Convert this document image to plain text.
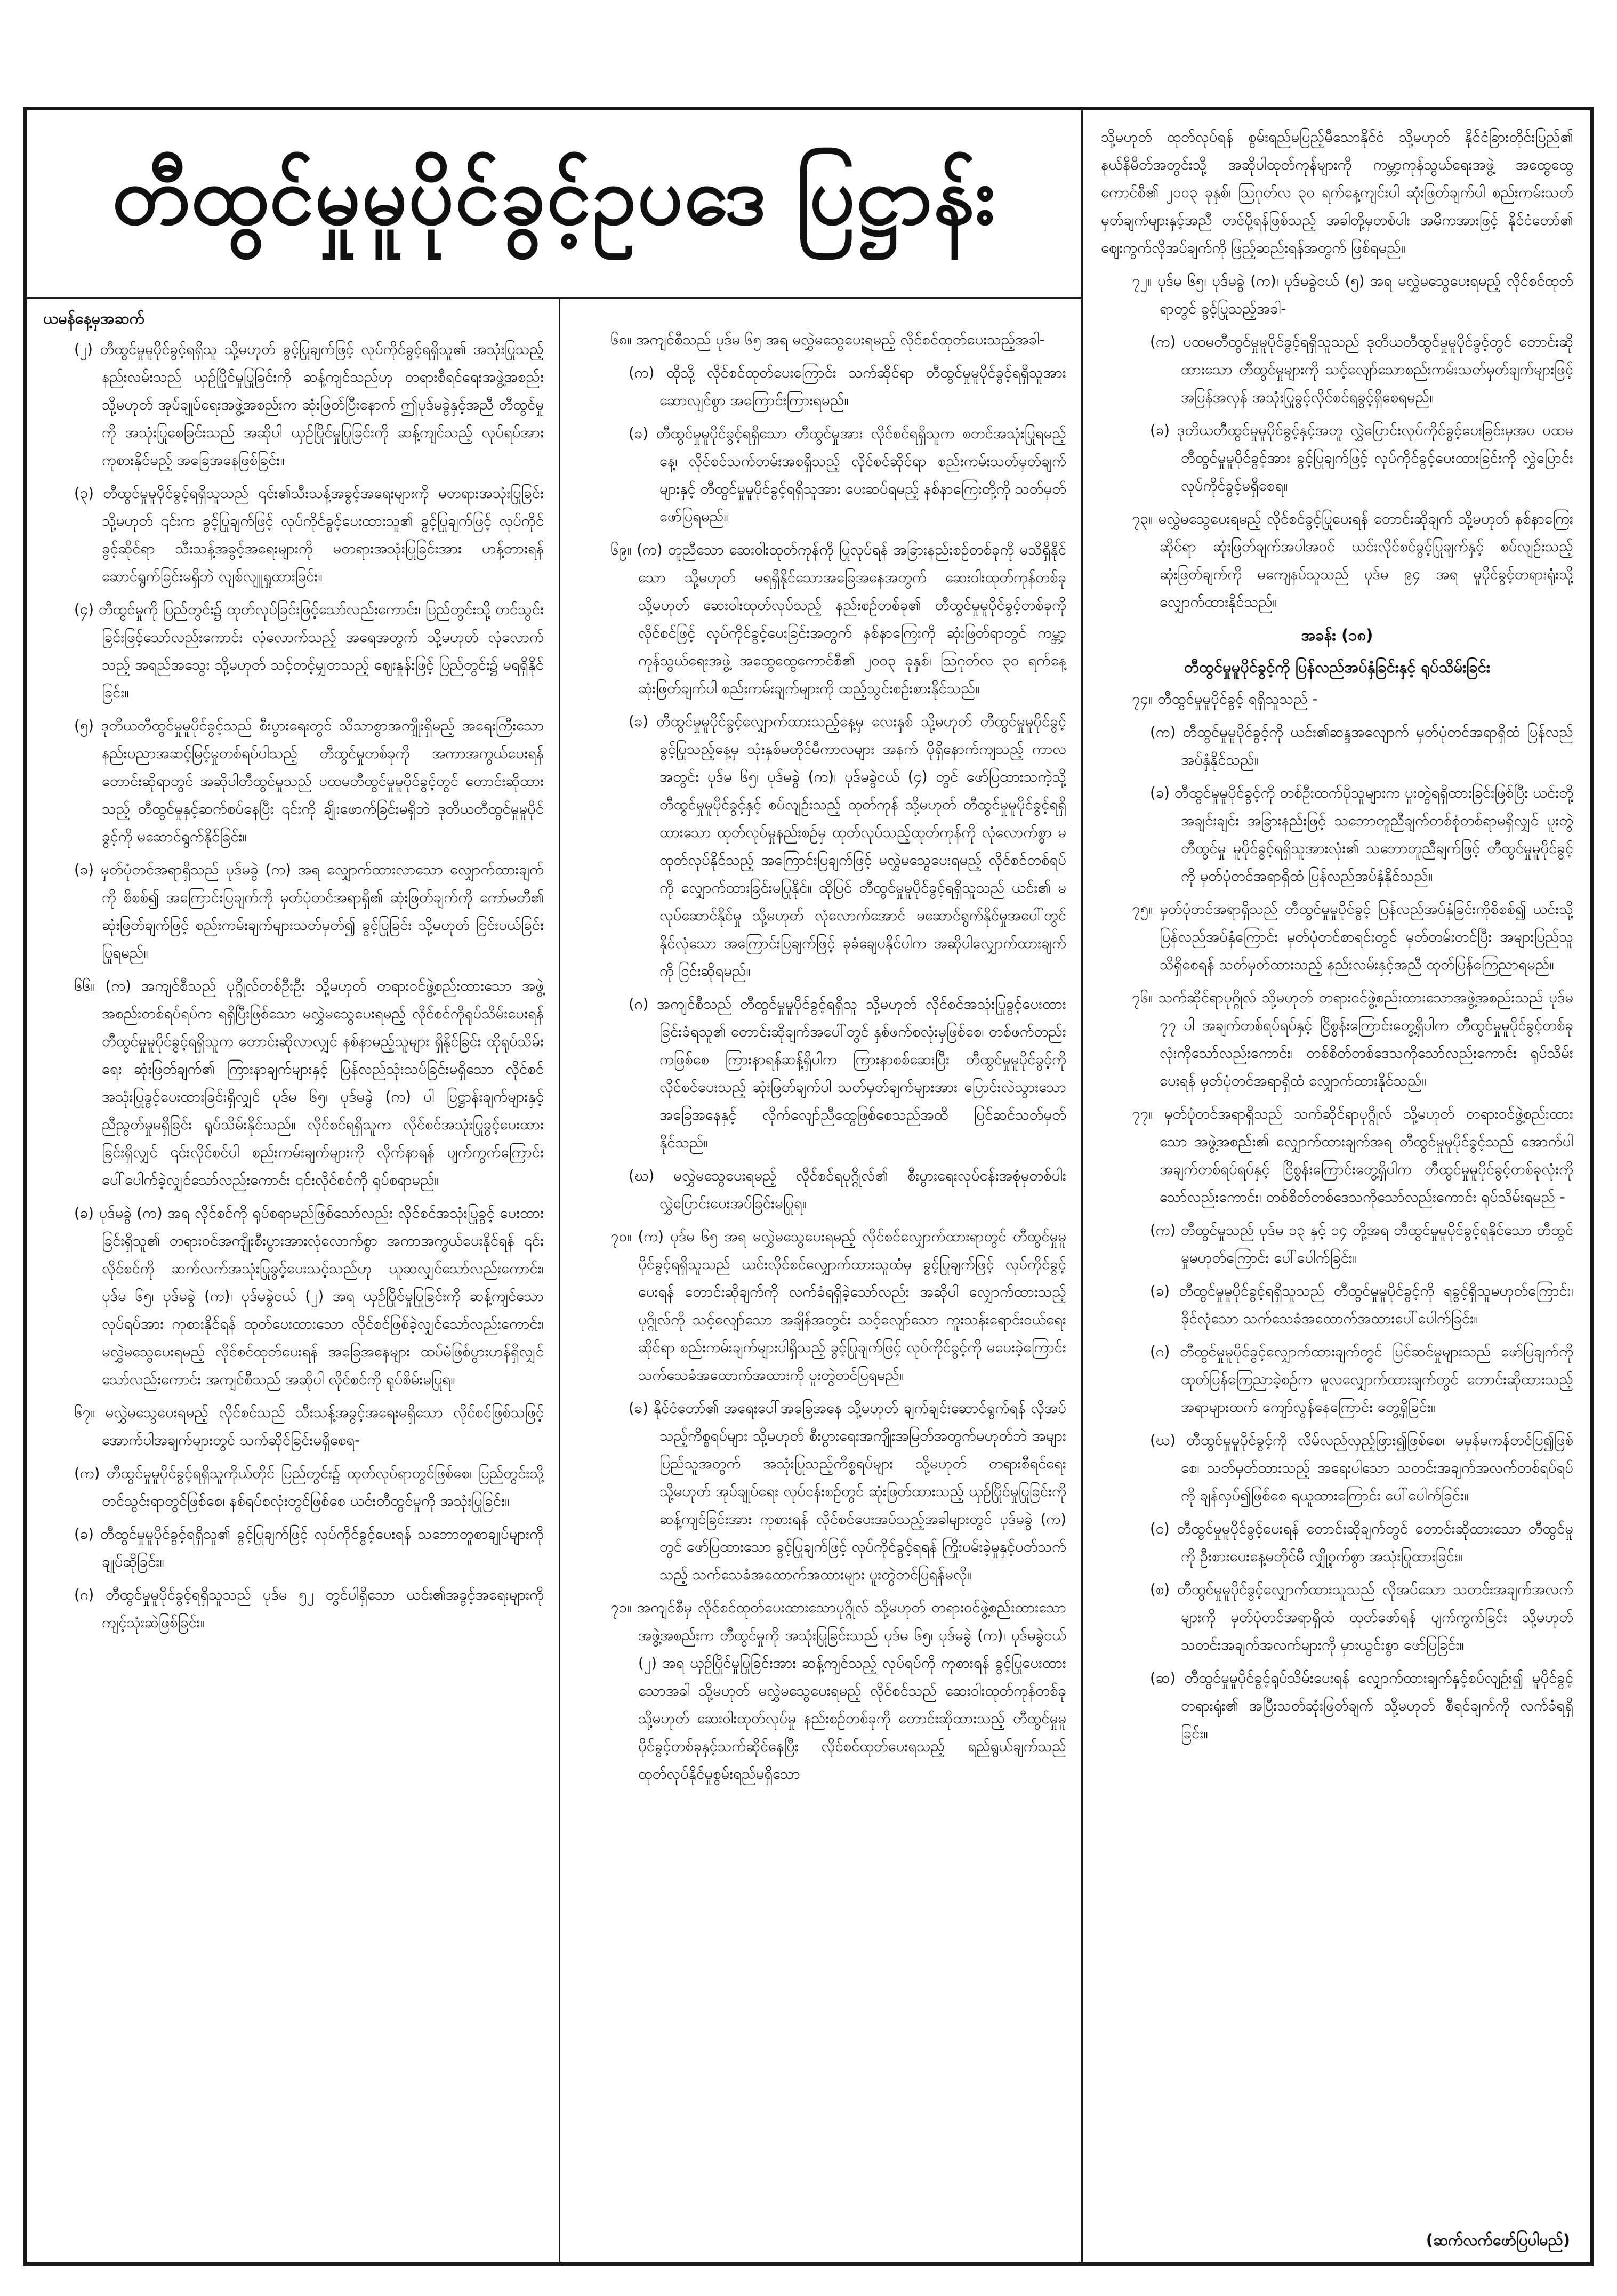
တီထွင်မှုမူပိုင်ခွင့်ဥပဒေ ပြဋ္ဌာန်း
ယမန်နေ့မှအဆက်
(၂) တီထွင်မှုမူပိုင်ခွင့်ရရှိသူ သို့မဟုတ် ခွင့်ပြုချက်ဖြင့် လုပ်ကိုင်ခွင့်ရရှိသူ၏ အသုံးပြုသည့် နည်းလမ်းသည် ယှဉ်ပြိုင်မှုပြုခြင်းကို ဆန့်ကျင်သည်ဟု တရားစီရင်ရေးအဖွဲ့အစည်း သို့မဟုတ် အုပ်ချုပ်ရေးအဖွဲ့အစည်းက ဆုံးဖြတ်ပြီးနောက် ဤပုဒ်မခွဲနှင့်အညီ တီထွင်မှုကို အသုံးပြုစေခြင်းသည် အဆိုပါ ယှဉ်ပြိုင်မှုပြုခြင်းကို ဆန့်ကျင်သည့် လုပ်ရပ်အား ကုစားနိုင်မည့် အခြေအနေဖြစ်ခြင်း။
(၃) တီထွင်မှုမူပိုင်ခွင့်ရရှိသူသည် ၎င်း၏သီးသန့်အခွင့်အရေးများကို မတရားအသုံးပြုခြင်း သို့မဟုတ် ၎င်းက ခွင့်ပြုချက်ဖြင့် လုပ်ကိုင်ခွင့်ပေးထားသူ၏ ခွင့်ပြုချက်ဖြင့် လုပ်ကိုင်ခွင့်ဆိုင်ရာ သီးသန့်အခွင့်အရေးများကို မတရားအသုံးပြုခြင်းအား ဟန့်တားရန် ဆောင်ရွက်ခြင်းမရှိဘဲ လျစ်လျူရှုထားခြင်း။
(၄) တီထွင်မှုကို ပြည်တွင်း၌ ထုတ်လုပ်ခြင်းဖြင့်သော်လည်းကောင်း၊ ပြည်တွင်းသို့ တင်သွင်းခြင်းဖြင့်သော်လည်းကောင်း လုံလောက်သည့် အရေအတွက် သို့မဟုတ် လုံလောက်သည့် အရည်အသွေး သို့မဟုတ် သင့်တင့်မျှတသည့် ဈေးနှုန်းဖြင့် ပြည်တွင်း၌ မရရှိနိုင်ခြင်း။
(၅) ဒုတိယတီထွင်မှုမူပိုင်ခွင့်သည် စီးပွားရေးတွင် သိသာစွာအကျိုးရှိမည့် အရေးကြီးသော နည်းပညာအဆင့်မြင့်မှုတစ်ရပ်ပါသည့် တီထွင်မှုတစ်ခုကို အကာအကွယ်ပေးရန် တောင်းဆိုရာတွင် အဆိုပါတီထွင်မှုသည် ပထမတီထွင်မှုမူပိုင်ခွင့်တွင် တောင်းဆိုထားသည့် တီထွင်မှုနှင့်ဆက်စပ်နေပြီး ၎င်းကို ချိုးဖောက်ခြင်းမရှိဘဲ ဒုတိယတီထွင်မှုမူပိုင်ခွင့်ကို မဆောင်ရွက်နိုင်ခြင်း။
(ခ) မှတ်ပုံတင်အရာရှိသည် ပုဒ်မခွဲ (က) အရ လျှောက်ထားလာသော လျှောက်ထားချက်ကို စိစစ်၍ အကြောင်းပြချက်ကို မှတ်ပုံတင်အရာရှိ၏ ဆုံးဖြတ်ချက်ကို ကော်မတီ၏ ဆုံးဖြတ်ချက်ဖြင့် စည်းကမ်းချက်များသတ်မှတ်၍ ခွင့်ပြုခြင်း သို့မဟုတ် ငြင်းပယ်ခြင်းပြုရမည်။
၆၆။ (က) အကျင်စီသည် ပုဂ္ဂိုလ်တစ်ဦးဦး သို့မဟုတ် တရားဝင်ဖွဲ့စည်းထားသော အဖွဲ့အစည်းတစ်ရပ်ရပ်က ရရှိပြီးဖြစ်သော မလွှဲမသွေပေးရမည့် လိုင်စင်ကိုရုပ်သိမ်းပေးရန် တီထွင်မှုမူပိုင်ခွင့်ရရှိသူက တောင်းဆိုလာလျှင် နစ်နာမည့်သူများ ရှိနိုင်ခြင်း ထိုရုပ်သိမ်းရေး ဆုံးဖြတ်ချက်၏ ကြားနာချက်များနှင့် ပြန်လည်သုံးသပ်ခြင်းမရှိသော လိုင်စင်အသုံးပြုခွင့်ပေးထားခြင်းရှိလျှင် ပုဒ်မ ၆၅၊ ပုဒ်မခွဲ (က) ပါ ပြဋ္ဌာန်းချက်များနှင့် ညီညွတ်မှုမရှိခြင်း ရုပ်သိမ်းနိုင်သည်။ လိုင်စင်ရရှိသူက လိုင်စင်အသုံးပြုခွင့်ပေးထားခြင်းရှိလျှင် ၎င်းလိုင်စင်ပါ စည်းကမ်းချက်များကို လိုက်နာရန် ပျက်ကွက်ကြောင်း ပေါ်ပေါက်ခဲ့လျှင်သော်လည်းကောင်း ၎င်းလိုင်စင်ကို ရုပ်စရာမည်။
(ခ) ပုဒ်မခွဲ (က) အရ လိုင်စင်ကို ရုပ်စရာမည်ဖြစ်သော်လည်း လိုင်စင်အသုံးပြုခွင့် ပေးထားခြင်းရှိသူ၏ တရားဝင်အကျိုးစီးပွားအားလုံလောက်စွာ အကာအကွယ်ပေးနိုင်ရန် ၎င်းလိုင်စင်ကို ဆက်လက်အသုံးပြုခွင့်ပေးသင့်သည်ဟု ယူဆလျှင်သော်လည်းကောင်း၊ ပုဒ်မ ၆၅၊ ပုဒ်မခွဲ (က)၊ ပုဒ်မခွဲငယ် (၂) အရ ယှဉ်ပြိုင်မှုပြုခြင်းကို ဆန့်ကျင်သောလုပ်ရပ်အား ကုစားနိုင်ရန် ထုတ်ပေးထားသော လိုင်စင်ဖြစ်ခဲ့လျှင်သော်လည်းကောင်း၊ မလွှဲမသွေပေးရမည့် လိုင်စင်ထုတ်ပေးရန် အခြေအနေများ ထပ်မံဖြစ်ပွားဟန်ရှိလျှင်သော်လည်းကောင်း အကျင်စီသည် အဆိုပါ လိုင်စင်ကို ရုပ်စိမ်းမပြုရ။
၆၇။ မလွှဲမသွေပေးရမည့် လိုင်စင်သည် သီးသန့်အခွင့်အရေးမရှိသော လိုင်စင်ဖြစ်သဖြင့် အောက်ပါအချက်များတွင် သက်ဆိုင်ခြင်းမရှိစေရ-
(က) တီထွင်မှုမူပိုင်ခွင့်ရရှိသူကိုယ်တိုင် ပြည်တွင်း၌ ထုတ်လုပ်ရာတွင်ဖြစ်စေ၊ ပြည်တွင်းသို့ တင်သွင်းရာတွင်ဖြစ်စေ၊ နစ်ရပ်စလုံးတွင်ဖြစ်စေ ယင်းတီထွင်မှုကို အသုံးပြုခြင်း။
(ခ) တီထွင်မှုမူပိုင်ခွင့်ရရှိသူ၏ ခွင့်ပြုချက်ဖြင့် လုပ်ကိုင်ခွင့်ပေးရန် သဘောတူစာချုပ်များကို ချုပ်ဆိုခြင်း။
(ဂ) တီထွင်မှုမူပိုင်ခွင့်ရရှိသူသည် ပုဒ်မ ၅၂ တွင်ပါရှိသော ယင်း၏အခွင့်အရေးများကို ကျင့်သုံးဆဲဖြစ်ခြင်း။
၆၈။ အကျင်စီသည် ပုဒ်မ ၆၅ အရ မလွှဲမသွေပေးရမည့် လိုင်စင်ထုတ်ပေးသည့်အခါ-
(က) ထိုသို့ လိုင်စင်ထုတ်ပေးကြောင်း သက်ဆိုင်ရာ တီထွင်မှုမူပိုင်ခွင့်ရရှိသူအား ဆောလျင်စွာ အကြောင်းကြားရမည်။
(ခ) တီထွင်မှုမူပိုင်ခွင့်ရရှိသော တီထွင်မှုအား လိုင်စင်ရရှိသူက စတင်အသုံးပြုရမည့်နေ့၊ လိုင်စင်သက်တမ်းအစရှိသည့် လိုင်စင်ဆိုင်ရာ စည်းကမ်းသတ်မှတ်ချက်များနှင့် တီထွင်မှုမူပိုင်ခွင့်ရရှိသူအား ပေးဆပ်ရမည့် နစ်နာကြေးတို့ကို သတ်မှတ်ဖော်ပြရမည်။
၆၉။ (က) တူညီသော ဆေးဝါးထုတ်ကုန်ကို ပြုလုပ်ရန် အခြားနည်းစဉ်တစ်ခုကို မသိရှိနိုင်သော သို့မဟုတ် မရရှိနိုင်သောအခြေအနေအတွက် ဆေးဝါးထုတ်ကုန်တစ်ခု သို့မဟုတ် ဆေးဝါးထုတ်လုပ်သည့် နည်းစဉ်တစ်ခု၏ တီထွင်မှုမူပိုင်ခွင့်တစ်ခုကို လိုင်စင်ဖြင့် လုပ်ကိုင်ခွင့်ပေးခြင်းအတွက် နစ်နာကြေးကို ဆုံးဖြတ်ရာတွင် ကမ္ဘာ့ကုန်သွယ်ရေးအဖွဲ့ အထွေထွေကောင်စီ၏ ၂၀၀၃ ခုနှစ်၊ ဩဂုတ်လ ၃၀ ရက်နေ့ ဆုံးဖြတ်ချက်ပါ စည်းကမ်းချက်များကို ထည့်သွင်းစဉ်းစားနိုင်သည်။
(ခ) တီထွင်မှုမူပိုင်ခွင့်လျှောက်ထားသည့်နေ့မှ လေးနှစ် သို့မဟုတ် တီထွင်မှုမူပိုင်ခွင့် ခွင့်ပြုသည့်နေ့မှ သုံးနှစ်မတိုင်မီကာလများ အနက် ပိုရှိနောက်ကျသည့် ကာလအတွင်း ပုဒ်မ ၆၅၊ ပုဒ်မခွဲ (က)၊ ပုဒ်မခွဲငယ် (၄) တွင် ဖော်ပြထားသကဲ့သို့ တီထွင်မှုမူပိုင်ခွင့်နှင့် စပ်လျဉ်းသည့် ထုတ်ကုန် သို့မဟုတ် တီထွင်မှုမူပိုင်ခွင့်ရရှိထားသော ထုတ်လုပ်မှုနည်းစဉ်မှ ထုတ်လုပ်သည့်ထုတ်ကုန်ကို လုံလောက်စွာ မထုတ်လုပ်နိုင်သည့် အကြောင်းပြချက်ဖြင့် မလွှဲမသွေပေးရမည့် လိုင်စင်တစ်ရပ်ကို လျှောက်ထားခြင်းမပြုနိုင်။ ထိုပြင် တီထွင်မှုမူပိုင်ခွင့်ရရှိသူသည် ယင်း၏ မလုပ်ဆောင်နိုင်မှု သို့မဟုတ် လုံလောက်အောင် မဆောင်ရွက်နိုင်မှုအပေါ်တွင် နိုင်လုံသော အကြောင်းပြချက်ဖြင့် ခုခံချေပနိုင်ပါက အဆိုပါလျှောက်ထားချက်ကို ငြင်းဆိုရမည်။
(ဂ) အကျင်စီသည် တီထွင်မှုမူပိုင်ခွင့်ရရှိသူ သို့မဟုတ် လိုင်စင်အသုံးပြုခွင့်ပေးထားခြင်းခံရသူ၏ တောင်းဆိုချက်အပေါ်တွင် နှစ်ဖက်စလုံးမှဖြစ်စေ၊ တစ်ဖက်တည်းကဖြစ်စေ ကြားနာရန်ဆန့်ရှိပါက ကြားနာစစ်ဆေးပြီး တီထွင်မှုမူပိုင်ခွင့်ကို လိုင်စင်ပေးသည့် ဆုံးဖြတ်ချက်ပါ သတ်မှတ်ချက်များအား ပြောင်းလဲသွားသော အခြေအနေနှင့် လိုက်လျော်ညီထွေဖြစ်စေသည်အထိ ပြင်ဆင်သတ်မှတ်နိုင်သည်။
(ဃ) မလွှဲမသွေပေးရမည့် လိုင်စင်ရပုဂ္ဂိုလ်၏ စီးပွားရေးလုပ်ငန်းအစုံမှတစ်ပါး လွှဲပြောင်းပေးအပ်ခြင်းမပြုရ။
၇၀။ (က) ပုဒ်မ ၆၅ အရ မလွှဲမသွေပေးရမည့် လိုင်စင်လျှောက်ထားရာတွင် တီထွင်မှုမူပိုင်ခွင့်ရရှိသူသည် ယင်းလိုင်စင်လျှောက်ထားသူထံမှ ခွင့်ပြုချက်ဖြင့် လုပ်ကိုင်ခွင့်ပေးရန် တောင်းဆိုချက်ကို လက်ခံရရှိခဲ့သော်လည်း အဆိုပါ လျှောက်ထားသည့် ပုဂ္ဂိုလ်ကို သင့်လျော်သော အချိန်အတွင်း သင့်လျော်သော ကူးသန်းရောင်းဝယ်ရေးဆိုင်ရာ စည်းကမ်းချက်များပါရှိသည့် ခွင့်ပြုချက်ဖြင့် လုပ်ကိုင်ခွင့်ကို မပေးခဲ့ကြောင်း သက်သေခံအထောက်အထားကို ပူးတွဲတင်ပြရမည်။
(ခ) နိုင်ငံတော်၏ အရေးပေါ်အခြေအနေ သို့မဟုတ် ချက်ချင်းဆောင်ရွက်ရန် လိုအပ်သည့်ကိစ္စရပ်များ သို့မဟုတ် စီးပွားရေးအကျိုးအမြတ်အတွက်မဟုတ်ဘဲ အများပြည်သူအတွက် အသုံးပြုသည့်ကိစ္စရပ်များ သို့မဟုတ် တရားစီရင်ရေး သို့မဟုတ် အုပ်ချုပ်ရေး လုပ်ငန်းစဉ်တွင် ဆုံးဖြတ်ထားသည့် ယှဉ်ပြိုင်မှုပြုခြင်းကို ဆန့်ကျင်ခြင်းအား ကုစားရန် လိုင်စင်ပေးအပ်သည့်အခါများတွင် ပုဒ်မခွဲ (က) တွင် ဖော်ပြထားသော ခွင့်ပြုချက်ဖြင့် လုပ်ကိုင်ခွင့်ရရန် ကြိုးပမ်းခဲ့မှုနှင့်ပတ်သက်သည့် သက်သေခံအထောက်အထားများ ပူးတွဲတင်ပြရန်မလို။
၇၁။ အကျင်စီမှ လိုင်စင်ထုတ်ပေးထားသောပုဂ္ဂိုလ် သို့မဟုတ် တရားဝင်ဖွဲ့စည်းထားသော အဖွဲ့အစည်းက တီထွင်မှုကို အသုံးပြုခြင်းသည် ပုဒ်မ ၆၅၊ ပုဒ်မခွဲ (က)၊ ပုဒ်မခွဲငယ် (၂) အရ ယှဉ်ပြိုင်မှုပြုခြင်းအား ဆန့်ကျင်သည့် လုပ်ရပ်ကို ကုစားရန် ခွင့်ပြုပေးထားသောအခါ သို့မဟုတ် မလွှဲမသွေပေးရမည့် လိုင်စင်သည် ဆေးဝါးထုတ်ကုန်တစ်ခု သို့မဟုတ် ဆေးဝါးထုတ်လုပ်မှု နည်းစဉ်တစ်ခုကို တောင်းဆိုထားသည့် တီထွင်မှုမူပိုင်ခွင့်တစ်ခုနှင့်သက်ဆိုင်နေပြီး လိုင်စင်ထုတ်ပေးရသည့် ရည်ရွယ်ချက်သည် ထုတ်လုပ်နိုင်မှုစွမ်းရည်မရှိသော
သို့မဟုတ် ထုတ်လုပ်ရန် စွမ်းရည်မပြည့်မီသောနိုင်ငံ သို့မဟုတ် နိုင်ငံခြားတိုင်းပြည်၏ နယ်နိမိတ်အတွင်းသို့ အဆိုပါထုတ်ကုန်များကို ကမ္ဘာ့ကုန်သွယ်ရေးအဖွဲ့ အထွေထွေကောင်စီ၏ ၂၀၀၃ ခုနှစ်၊ ဩဂုတ်လ ၃၀ ရက်နေ့ကျင်းပါ ဆုံးဖြတ်ချက်ပါ စည်းကမ်းသတ်မှတ်ချက်များနှင့်အညီ တင်ပို့ရန်ဖြစ်သည့် အခါတို့မှတစ်ပါး အမိကအားဖြင့် နိုင်ငံတော်၏ ဈေးကွက်လိုအပ်ချက်ကို ဖြည့်ဆည်းရန်အတွက် ဖြစ်ရမည်။
၇၂။ ပုဒ်မ ၆၅၊ ပုဒ်မခွဲ (က)၊ ပုဒ်မခွဲငယ် (၅) အရ မလွှဲမသွေပေးရမည့် လိုင်စင်ထုတ်ရာတွင် ခွင့်ပြုသည့်အခါ-
(က) ပထမတီထွင်မှုမူပိုင်ခွင့်ရရှိသူသည် ဒုတိယတီထွင်မှုမူပိုင်ခွင့်တွင် တောင်းဆိုထားသော တီထွင်မှုများကို သင့်လျော်သောစည်းကမ်းသတ်မှတ်ချက်များဖြင့် အပြန်အလှန် အသုံးပြုခွင့်လိုင်စင်ရခွင့်ရှိစေရမည်။
(ခ) ဒုတိယတီထွင်မှုမူပိုင်ခွင့်နှင့်အတူ လွှဲပြောင်းလုပ်ကိုင်ခွင့်ပေးခြင်းမှအပ ပထမတီထွင်မှုမူပိုင်ခွင့်အား ခွင့်ပြုချက်ဖြင့် လုပ်ကိုင်ခွင့်ပေးထားခြင်းကို လွှဲပြောင်းလုပ်ကိုင်ခွင့်မရှိစေရ။
၇၃။ မလွှဲမသွေပေးရမည့် လိုင်စင်ခွင့်ပြုပေးရန် တောင်းဆိုချက် သို့မဟုတ် နစ်နာကြေးဆိုင်ရာ ဆုံးဖြတ်ချက်အပါအဝင် ယင်းလိုင်စင်ခွင့်ပြုချက်နှင့် စပ်လျဉ်းသည့် ဆုံးဖြတ်ချက်ကို မကျေနပ်သူသည် ပုဒ်မ ၉၄ အရ မူပိုင်ခွင့်တရားရုံးသို့ လျှောက်ထားနိုင်သည်။
အခန်း (၁၈)
တီထွင်မှုမူပိုင်ခွင့်ကို ပြန်လည်အပ်နှံခြင်းနှင့် ရုပ်သိမ်းခြင်း
၇၄။ တီထွင်မှုမူပိုင်ခွင့် ရရှိသူသည် -
(က) တီထွင်မှုမူပိုင်ခွင့်ကို ယင်း၏ဆန္ဒအလျောက် မှတ်ပုံတင်အရာရှိထံ ပြန်လည်အပ်နှံနိုင်သည်။
(ခ) တီထွင်မှုမူပိုင်ခွင့်ကို တစ်ဦးထက်ပိုသူများက ပူးတွဲရရှိထားခြင်းဖြစ်ပြီး ယင်းတို့အချင်းချင်း အခြားနည်းဖြင့် သဘောတူညီချက်တစ်စုံတစ်ရာမရှိလျှင် ပူးတွဲတီထွင်မှု မူပိုင်ခွင့်ရရှိသူအားလုံး၏ သဘောတူညီချက်ဖြင့် တီထွင်မှုမူပိုင်ခွင့်ကို မှတ်ပုံတင်အရာရှိထံ ပြန်လည်အပ်နှံနိုင်သည်။
၇၅။ မှတ်ပုံတင်အရာရှိသည် တီထွင်မှုမူပိုင်ခွင့် ပြန်လည်အပ်နှံခြင်းကိုစိစစ်၍ ယင်းသို့ ပြန်လည်အပ်နှံကြောင်း မှတ်ပုံတင်စာရင်းတွင် မှတ်တမ်းတင်ပြီး အများပြည်သူသိရှိစေရန် သတ်မှတ်ထားသည့် နည်းလမ်းနှင့်အညီ ထုတ်ပြန်ကြေညာရမည်။
၇၆။ သက်ဆိုင်ရာပုဂ္ဂိုလ် သို့မဟုတ် တရားဝင်ဖွဲ့စည်းထားသောအဖွဲ့အစည်းသည် ပုဒ်မ ၇၇ ပါ အချက်တစ်ရပ်ရပ်နှင့် ငြိစွန်းကြောင်းတွေ့ရှိပါက တီထွင်မှုမူပိုင်ခွင့်တစ်ခုလုံးကိုသော်လည်းကောင်း၊ တစ်စိတ်တစ်ဒေသကိုသော်လည်းကောင်း ရုပ်သိမ်းပေးရန် မှတ်ပုံတင်အရာရှိထံ လျှောက်ထားနိုင်သည်။
၇၇။ မှတ်ပုံတင်အရာရှိသည် သက်ဆိုင်ရာပုဂ္ဂိုလ် သို့မဟုတ် တရားဝင်ဖွဲ့စည်းထားသော အဖွဲ့အစည်း၏ လျှောက်ထားချက်အရ တီထွင်မှုမူပိုင်ခွင့်သည် အောက်ပါအချက်တစ်ရပ်ရပ်နှင့် ငြိစွန်းကြောင်းတွေ့ရှိပါက တီထွင်မှုမူပိုင်ခွင့်တစ်ခုလုံးကိုသော်လည်းကောင်း၊ တစ်စိတ်တစ်ဒေသကိုသော်လည်းကောင်း ရုပ်သိမ်းရမည် -
(က) တီထွင်မှုသည် ပုဒ်မ ၁၃ နှင့် ၁၄ တို့အရ တီထွင်မှုမူပိုင်ခွင့်ရနိုင်သော တီထွင်မှုမဟုတ်ကြောင်း ပေါ်ပေါက်ခြင်း။
(ခ) တီထွင်မှုမူပိုင်ခွင့်ရရှိသူသည် တီထွင်မှုမူပိုင်ခွင့်ကို ရခွင့်ရှိသူမဟုတ်ကြောင်း၊ ခိုင်လုံသော သက်သေခံအထောက်အထားပေါ်ပေါက်ခြင်း။
(ဂ) တီထွင်မှုမူပိုင်ခွင့်လျှောက်ထားချက်တွင် ပြင်ဆင်မှုများသည် ဖော်ပြချက်ကို ထုတ်ပြန်ကြေညာခဲ့စဉ်က မူလလျှောက်ထားချက်တွင် တောင်းဆိုထားသည့်အရာများထက် ကျော်လွန်နေကြောင်း တွေ့ရှိခြင်း။
(ဃ) တီထွင်မှုမူပိုင်ခွင့်ကို လိမ်လည်လှည့်ဖြား၍ဖြစ်စေ၊ မမှန်မကန်တင်ပြ၍ဖြစ်စေ၊ သတ်မှတ်ထားသည့် အရေးပါသော သတင်းအချက်အလက်တစ်ရပ်ရပ်ကို ချန်လှပ်၍ဖြစ်စေ ရယူထားကြောင်း ပေါ်ပေါက်ခြင်း။
(င) တီထွင်မှုမူပိုင်ခွင့်ပေးရန် တောင်းဆိုချက်တွင် တောင်းဆိုထားသော တီထွင်မှုကို ဦးစားပေးနေ့မတိုင်မီ လျှို့ဝှက်စွာ အသုံးပြုထားခြင်း။
(စ) တီထွင်မှုမူပိုင်ခွင့်လျှောက်ထားသူသည် လိုအပ်သော သတင်းအချက်အလက်များကို မှတ်ပုံတင်အရာရှိထံ ထုတ်ဖော်ရန် ပျက်ကွက်ခြင်း သို့မဟုတ် သတင်းအချက်အလက်များကို မှားယွင်းစွာ ဖော်ပြခြင်း။
(ဆ) တီထွင်မှုမူပိုင်ခွင့်ရုပ်သိမ်းပေးရန် လျှောက်ထားချက်နှင့်စပ်လျဉ်း၍ မူပိုင်ခွင့်တရားရုံး၏ အပြီးသတ်ဆုံးဖြတ်ချက် သို့မဟုတ် စီရင်ချက်ကို လက်ခံရရှိခြင်း။
(ဆက်လက်ဖော်ပြပါမည်)
